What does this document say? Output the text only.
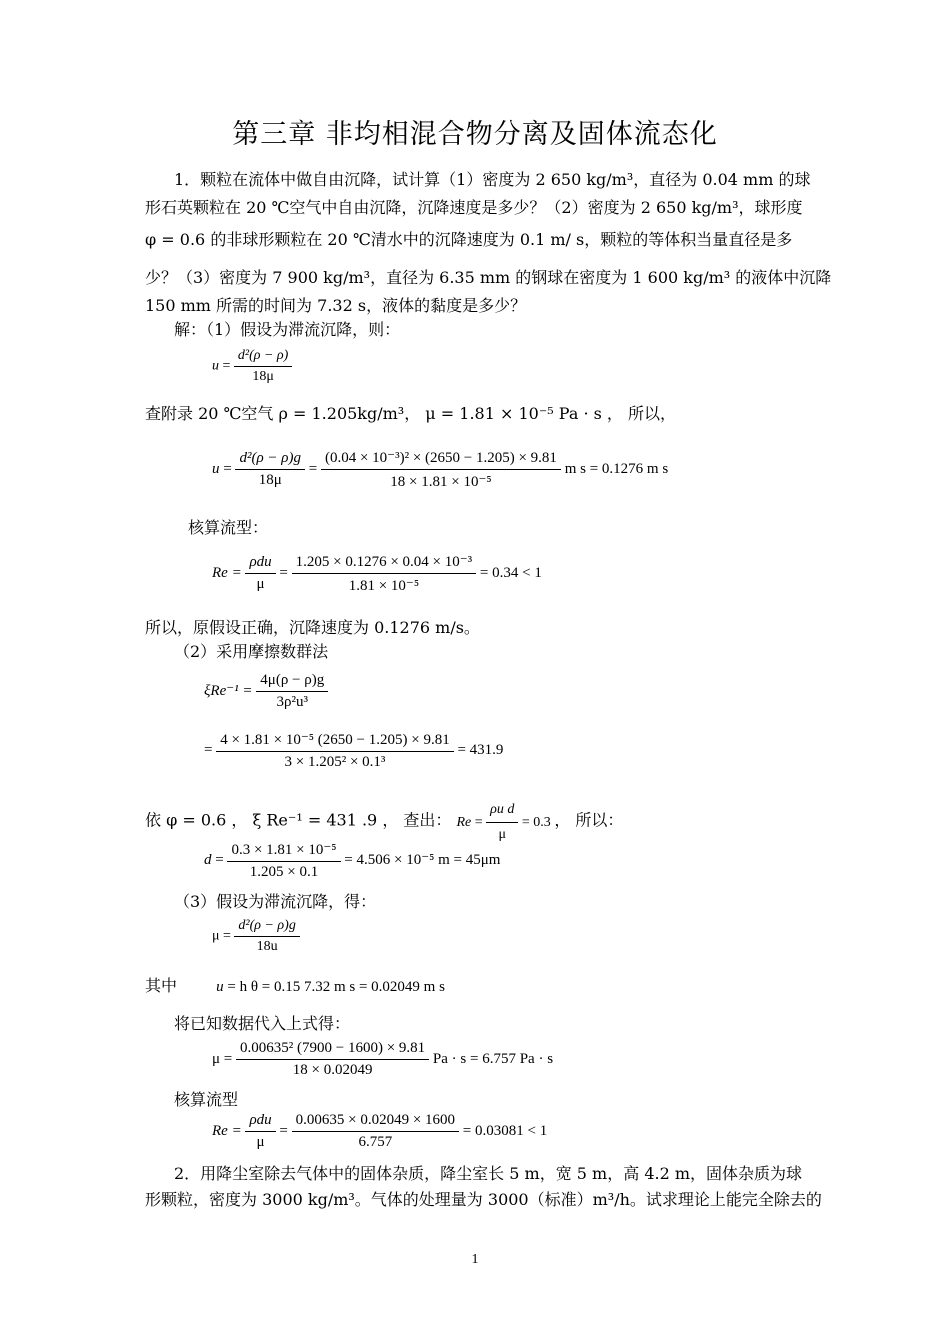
第三章 非均相混合物分离及固体流态化
1．颗粒在流体中做自由沉降，试计算（1）密度为 2 650 kg/m³，直径为 0.04 mm 的球
形石英颗粒在 20 ℃空气中自由沉降，沉降速度是多少？（2）密度为 2 650 kg/m³，球形度
φ = 0.6 的非球形颗粒在 20 ℃清水中的沉降速度为 0.1 m/ s，颗粒的等体积当量直径是多
少？（3）密度为 7 900 kg/m³，直径为 6.35 mm 的钢球在密度为 1 600 kg/m³ 的液体中沉降
150 mm 所需的时间为 7.32 s，液体的黏度是多少？
解：（1）假设为滞流沉降，则：
$u = \frac{\text{d²(ρ − ρ)}}{18\mu}$
查附录 20 ℃空气 ρ = 1.205kg/m³， μ = 1.81 × 10⁻⁵ Pa · s ， 所以，
$u = \frac{\text{d²(ρ − ρ)g}}{18\mu} = \frac{\text{(0.04 × 10⁻³)² × (2650 − 1.205) × 9.81}}{\text{18 × 1.81 × 10⁻⁵}}$ m s = 0.1276 m s
核算流型：
$Re = \frac{\text{ρdu}}{\mu} = \frac{\text{1.205 × 0.1276 × 0.04 × 10⁻³}}{\text{1.81 × 10⁻⁵}} = 0.34 < 1$
所以，原假设正确，沉降速度为 0.1276 m/s。
（2）采用摩擦数群法
$\xi Re^{-1} = \frac{4\mu(\rho - \rho)g}{\text{3ρ²u³}}$
= $\frac{\text{4 × 1.81 × 10⁻⁵ (2650 − 1.205) × 9.81}}{\text{3 × 1.205² × 0.1³}} = 431.9$
依 φ = 0.6 ， ξ Re⁻¹ = 431 .9 ， 查出： $Re = \frac{\text{ρu d}}{\mu} = 0.3$ ， 所以：
$d = \frac{\text{0.3 × 1.81 × 10⁻⁵}}{1.205 \times 0.1} = 4.506 \times 10^{-5}$ m = 45μm
（3）假设为滞流沉降，得：
$\mu = \frac{\text{d²(ρ − ρ)g}}{18u}$
其中	u = h θ = 0.15 7.32 m s = 0.02049 m s
将已知数据代入上式得：
$\mu = \frac{\text{0.00635² (7900 − 1600) × 9.81}}{18 \times 0.02049}$ Pa · s = 6.757 Pa · s
核算流型
$Re = \frac{\text{ρdu}}{\mu} = \frac{0.00635 \times 0.02049 \times 1600}{6.757} = 0.03081 < 1$
2．用降尘室除去气体中的固体杂质，降尘室长 5 m，宽 5 m，高 4.2 m，固体杂质为球
形颗粒，密度为 3000 kg/m³。气体的处理量为 3000（标准）m³/h。试求理论上能完全除去的
1
